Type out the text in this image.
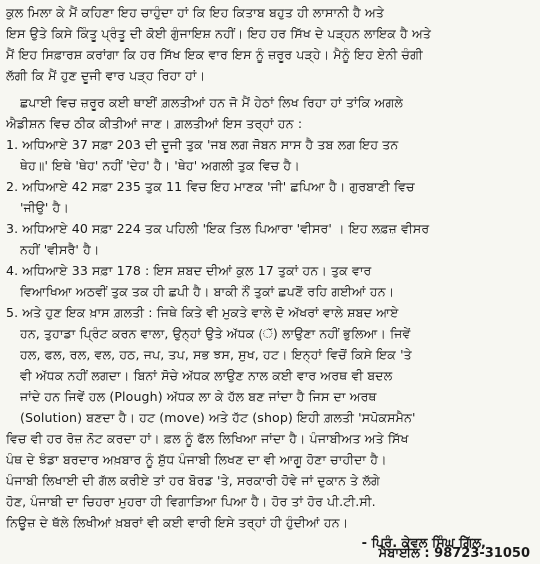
ਕੁਲ ਮਿਲਾ ਕੇ ਮੈਂ ਕਹਿਣਾ ਇਹ ਚਾਹੁੰਦਾ ਹਾਂ ਕਿ ਇਹ ਕਿਤਾਬ ਬਹੁਤ ਹੀ ਲਾਸਾਨੀ ਹੈ ਅਤੇ
ਇਸ ਉਤੇ ਕਿਸੇ ਕਿੰਤੂ ਪ੍ਰੰਤੂ ਦੀ ਕੋਈ ਗੁੰਜਾਇਸ਼ ਨਹੀਂ। ਇਹ ਹਰ ਸਿੱਖ ਦੇ ਪੜ੍ਹਨ ਲਾਇਕ ਹੈ ਅਤੇ
ਮੈਂ ਇਹ ਸਿਫ਼ਾਰਸ਼ ਕਰਾਂਗਾ ਕਿ ਹਰ ਸਿੱਖ ਇਕ ਵਾਰ ਇਸ ਨੂੰ ਜ਼ਰੂਰ ਪੜ੍ਹੇ। ਮੈਨੂੰ ਇਹ ਏਨੀ ਚੰਗੀ
ਲੱਗੀ ਕਿ ਮੈਂ ਹੁਣ ਦੂਜੀ ਵਾਰ ਪੜ੍ਹ ਰਿਹਾ ਹਾਂ।
ਛਪਾਈ ਵਿਚ ਜ਼ਰੂਰ ਕਈ ਥਾਈਂ ਗ਼ਲਤੀਆਂ ਹਨ ਜੋ ਮੈਂ ਹੇਠਾਂ ਲਿਖ ਰਿਹਾ ਹਾਂ ਤਾਂਕਿ ਅਗਲੇ
ਐਡੀਸ਼ਨ ਵਿਚ ਠੀਕ ਕੀਤੀਆਂ ਜਾਣ। ਗ਼ਲਤੀਆਂ ਇਸ ਤਰ੍ਹਾਂ ਹਨ :
1. ਅਧਿਆਏ 37 ਸਫ਼ਾ 203 ਦੀ ਦੂਜੀ ਤੁਕ 'ਜਬ ਲਗ ਜੋਬਨ ਸਾਸ ਹੈ ਤਬ ਲਗ ਇਹ ਤਨ
ਥੇਹ॥' ਇਥੇ 'ਥੇਹ' ਨਹੀਂ 'ਦੇਹ' ਹੈ। 'ਥੇਹ' ਅਗਲੀ ਤੁਕ ਵਿਚ ਹੈ।
2. ਅਧਿਆਏ 42 ਸਫ਼ਾ 235 ਤੁਕ 11 ਵਿਚ ਇਹ ਮਾਣਕ 'ਜੀ' ਛਪਿਆ ਹੈ। ਗੁਰਬਾਣੀ ਵਿਚ
'ਜੀਉ' ਹੈ।
3. ਅਧਿਆਏ 40 ਸਫ਼ਾ 224 ਤਕ ਪਹਿਲੀ 'ਇਕ ਤਿਲ ਪਿਆਰਾ 'ਵੀਸਰ' । ਇਹ ਲਫ਼ਜ਼ ਵੀਸਰ
ਨਹੀਂ 'ਵੀਸਰੈ' ਹੈ।
4. ਅਧਿਆਏ 33 ਸਫ਼ਾ 178 : ਇਸ ਸ਼ਬਦ ਦੀਆਂ ਕੁਲ 17 ਤੁਕਾਂ ਹਨ। ਤੁਕ ਵਾਰ
ਵਿਆਖਿਆ ਅਠਵੀਂ ਤੁਕ ਤਕ ਹੀ ਛਪੀ ਹੈ। ਬਾਕੀ ਨੌਂ ਤੁਕਾਂ ਛਪਣੋਂ ਰਹਿ ਗਈਆਂ ਹਨ।
5. ਅਤੇ ਹੁਣ ਇਕ ਖ਼ਾਸ ਗ਼ਲਤੀ : ਜਿਥੇ ਕਿਤੇ ਵੀ ਮੁਕਤੇ ਵਾਲੇ ਦੋ ਅੱਖਰਾਂ ਵਾਲੇ ਸ਼ਬਦ ਆਏ
ਹਨ, ਤੁਹਾਡਾ ਪ੍ਰਿੰਟ ਕਰਨ ਵਾਲਾ, ਉਨ੍ਹਾਂ ਉਤੇ ਅੱਧਕ (ੱ) ਲਾਉਣਾ ਨਹੀਂ ਭੁਲਿਆ। ਜਿਵੇਂ
ਹਲ, ਫਲ, ਰਲ, ਵਲ, ਹਠ, ਜਪ, ਤਪ, ਸਭ ਝਸ, ਸੁਖ, ਹਟ। ਇਨ੍ਹਾਂ ਵਿਚੋਂ ਕਿਸੇ ਇਕ 'ਤੇ
ਵੀ ਅੱਧਕ ਨਹੀਂ ਲਗਦਾ। ਬਿਨਾਂ ਸੋਚੇ ਅੱਧਕ ਲਾਉਣ ਨਾਲ ਕਈ ਵਾਰ ਅਰਥ ਵੀ ਬਦਲ
ਜਾਂਦੇ ਹਨ ਜਿਵੇਂ ਹਲ (Plough) ਅੱਧਕ ਲਾ ਕੇ ਹੱਲ ਬਣ ਜਾਂਦਾ ਹੈ ਜਿਸ ਦਾ ਅਰਥ
(Solution) ਬਣਦਾ ਹੈ। ਹਟ (move) ਅਤੇ ਹੱਟ (shop) ਇਹੀ ਗ਼ਲਤੀ 'ਸਪੋਕਸਮੈਨ'
ਵਿਚ ਵੀ ਹਰ ਰੋਜ਼ ਨੋਟ ਕਰਦਾ ਹਾਂ। ਫ਼ਲ ਨੂੰ ਫੱਲ ਲਿਖਿਆ ਜਾਂਦਾ ਹੈ। ਪੰਜਾਬੀਅਤ ਅਤੇ ਸਿੱਖ
ਪੰਥ ਦੇ ਝੰਡਾ ਬਰਦਾਰ ਅਖ਼ਬਾਰ ਨੂੰ ਸ਼ੁੱਧ ਪੰਜਾਬੀ ਲਿਖਣ ਦਾ ਵੀ ਆਗੂ ਹੋਣਾ ਚਾਹੀਦਾ ਹੈ।
ਪੰਜਾਬੀ ਲਿਖਾਈ ਦੀ ਗੱਲ ਕਰੀਏ ਤਾਂ ਹਰ ਬੋਰਡ 'ਤੇ, ਸਰਕਾਰੀ ਹੋਵੇ ਜਾਂ ਦੁਕਾਨ ਤੇ ਲੱਗੇ
ਹੋਣ, ਪੰਜਾਬੀ ਦਾ ਚਿਹਰਾ ਮੁਹਰਾ ਹੀ ਵਿਗਾੜਿਆ ਪਿਆ ਹੈ। ਹੋਰ ਤਾਂ ਹੋਰ ਪੀ.ਟੀ.ਸੀ.
ਨਿਊਜ਼ ਦੇ ਥੱਲੇ ਲਿਖੀਆਂ ਖ਼ਬਰਾਂ ਵੀ ਕਈ ਵਾਰੀ ਇਸੇ ਤਰ੍ਹਾਂ ਹੀ ਹੁੰਦੀਆਂ ਹਨ।
- ਪ੍ਰਿੰ. ਕੇਵਲ ਸਿੰਘ ਗਿੱਲ,
ਮੋਬਾਈਲ : 98723-31050
